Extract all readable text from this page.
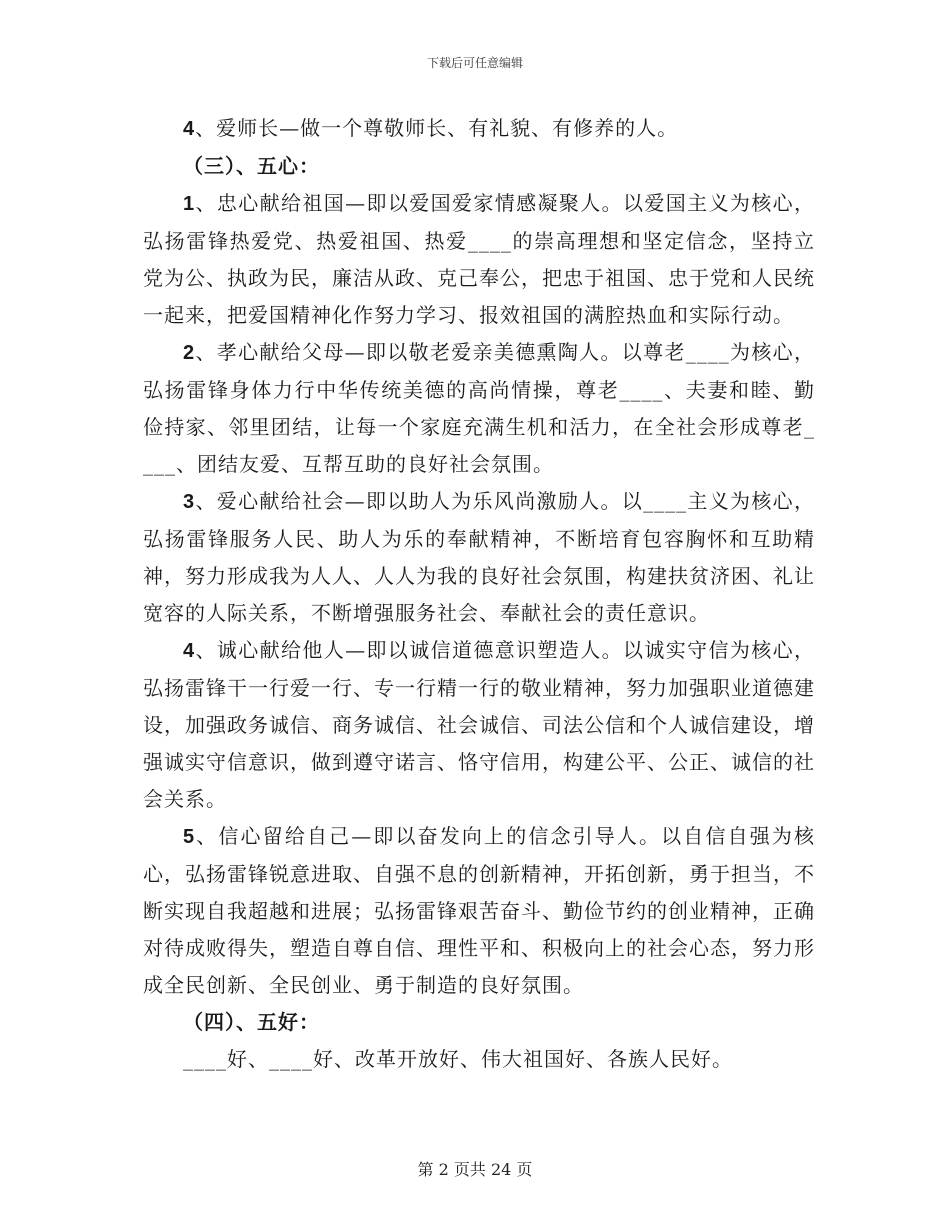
下载后可任意编辑

4、爱师长—做一个尊敬师长、有礼貌、有修养的人。

（三）、五心：

1、忠心献给祖国—即以爱国爱家情感凝聚人。以爱国主义为核心，弘扬雷锋热爱党、热爱祖国、热爱____的崇高理想和坚定信念，坚持立党为公、执政为民，廉洁从政、克己奉公，把忠于祖国、忠于党和人民统一起来，把爱国精神化作努力学习、报效祖国的满腔热血和实际行动。

2、孝心献给父母—即以敬老爱亲美德熏陶人。以尊老____为核心，弘扬雷锋身体力行中华传统美德的高尚情操，尊老____、夫妻和睦、勤俭持家、邻里团结，让每一个家庭充满生机和活力，在全社会形成尊老____、团结友爱、互帮互助的良好社会氛围。

3、爱心献给社会—即以助人为乐风尚激励人。以____主义为核心，弘扬雷锋服务人民、助人为乐的奉献精神，不断培育包容胸怀和互助精神，努力形成我为人人、人人为我的良好社会氛围，构建扶贫济困、礼让宽容的人际关系，不断增强服务社会、奉献社会的责任意识。

4、诚心献给他人—即以诚信道德意识塑造人。以诚实守信为核心，弘扬雷锋干一行爱一行、专一行精一行的敬业精神，努力加强职业道德建设，加强政务诚信、商务诚信、社会诚信、司法公信和个人诚信建设，增强诚实守信意识，做到遵守诺言、恪守信用，构建公平、公正、诚信的社会关系。

5、信心留给自己—即以奋发向上的信念引导人。以自信自强为核心，弘扬雷锋锐意进取、自强不息的创新精神，开拓创新，勇于担当，不断实现自我超越和进展；弘扬雷锋艰苦奋斗、勤俭节约的创业精神，正确对待成败得失，塑造自尊自信、理性平和、积极向上的社会心态，努力形成全民创新、全民创业、勇于制造的良好氛围。

（四）、五好：

____好、____好、改革开放好、伟大祖国好、各族人民好。

第 2 页共 24 页
